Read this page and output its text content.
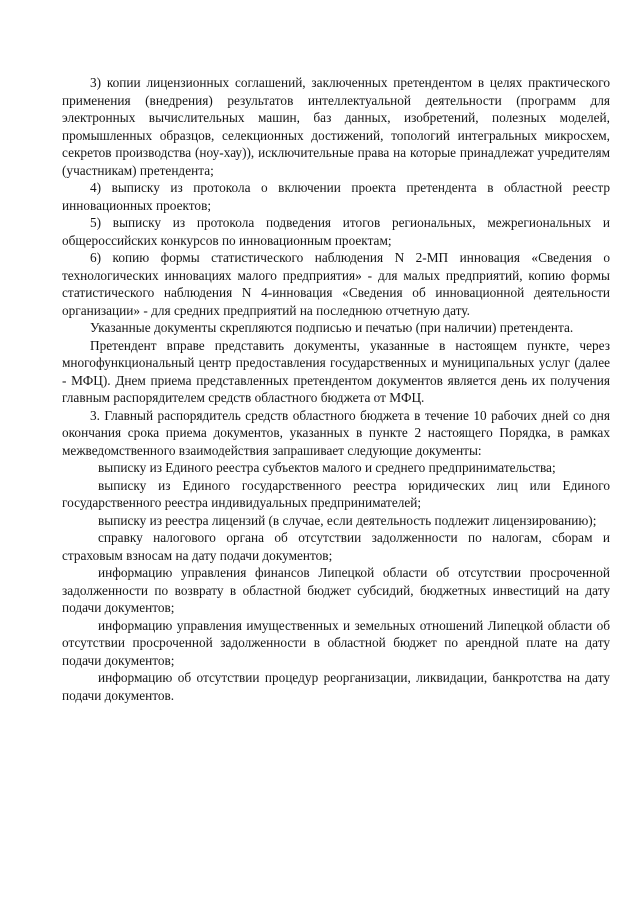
3) копии лицензионных соглашений, заключенных претендентом в целях практического применения (внедрения) результатов интеллектуальной деятельности (программ для электронных вычислительных машин, баз данных, изобретений, полезных моделей, промышленных образцов, селекционных достижений, топологий интегральных микросхем, секретов производства (ноу-хау)), исключительные права на которые принадлежат учредителям (участникам) претендента;

4) выписку из протокола о включении проекта претендента в областной реестр инновационных проектов;

5) выписку из протокола подведения итогов региональных, межрегиональных и общероссийских конкурсов по инновационным проектам;

6) копию формы статистического наблюдения N 2-МП инновация «Сведения о технологических инновациях малого предприятия» - для малых предприятий, копию формы статистического наблюдения N 4-инновация «Сведения об инновационной деятельности организации» - для средних предприятий на последнюю отчетную дату.

Указанные документы скрепляются подписью и печатью (при наличии) претендента.

Претендент вправе представить документы, указанные в настоящем пункте, через многофункциональный центр предоставления государственных и муниципальных услуг (далее - МФЦ). Днем приема представленных претендентом документов является день их получения главным распорядителем средств областного бюджета от МФЦ.

3. Главный распорядитель средств областного бюджета в течение 10 рабочих дней со дня окончания срока приема документов, указанных в пункте 2 настоящего Порядка, в рамках межведомственного взаимодействия запрашивает следующие документы:

выписку из Единого реестра субъектов малого и среднего предпринимательства;

выписку из Единого государственного реестра юридических лиц или Единого государственного реестра индивидуальных предпринимателей;

выписку из реестра лицензий (в случае, если деятельность подлежит лицензированию);

справку налогового органа об отсутствии задолженности по налогам, сборам и страховым взносам на дату подачи документов;

информацию управления финансов Липецкой области об отсутствии просроченной задолженности по возврату в областной бюджет субсидий, бюджетных инвестиций на дату подачи документов;

информацию управления имущественных и земельных отношений Липецкой области об отсутствии просроченной задолженности в областной бюджет по арендной плате на дату подачи документов;

информацию об отсутствии процедур реорганизации, ликвидации, банкротства на дату подачи документов.
